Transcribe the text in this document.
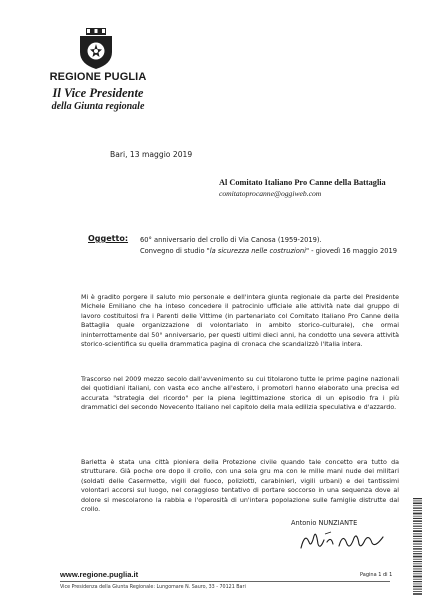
REGIONE PUGLIA
Il Vice Presidente
della Giunta regionale
Bari, 13 maggio 2019
Al Comitato Italiano Pro Canne della Battaglia
comitatoprocanne@oggiweb.com
Oggetto: 60° anniversario del crollo di Via Canosa (1959-2019).
Convegno di studio "la sicurezza nelle costruzioni" - giovedì 16 maggio 2019
Mi è gradito porgere il saluto mio personale e dell'intera giunta regionale da parte del Presidente Michele Emiliano che ha inteso concedere il patrocinio ufficiale alle attività nate dal gruppo di lavoro costituitosi fra i Parenti delle Vittime (in partenariato col Comitato Italiano Pro Canne della Battaglia quale organizzazione di volontariato in ambito storico-culturale), che ormai ininterrottamente dal 50° anniversario, per questi ultimi dieci anni, ha condotto una severa attività storico-scientifica su quella drammatica pagina di cronaca che scandalizzò l'Italia intera.
Trascorso nel 2009 mezzo secolo dall'avvenimento su cui titolarono tutte le prime pagine nazionali dei quotidiani italiani, con vasta eco anche all'estero, i promotori hanno elaborato una precisa ed accurata "strategia del ricordo" per la piena legittimazione storica di un episodio fra i più drammatici del secondo Novecento Italiano nel capitolo della mala edilizia speculativa e d'azzardo.
Barletta è stata una città pioniera della Protezione civile quando tale concetto era tutto da strutturare. Già poche ore dopo il crollo, con una sola gru ma con le mille mani nude dei militari (soldati delle Casermette, vigili del fuoco, poliziotti, carabinieri, vigili urbani) e dei tantissimi volontari accorsi sul luogo, nel coraggioso tentativo di portare soccorso in una sequenza dove al dolore si mescolarono la rabbia e l'operosità di un'intera popolazione sulle famiglie distrutte dal crollo.
Antonio NUNZIANTE
www.regione.puglia.it	Pagina 1 di 1
Vice Presidenza della Giunta Regionale: Lungomare N. Sauro, 33 - 70121 Bari
